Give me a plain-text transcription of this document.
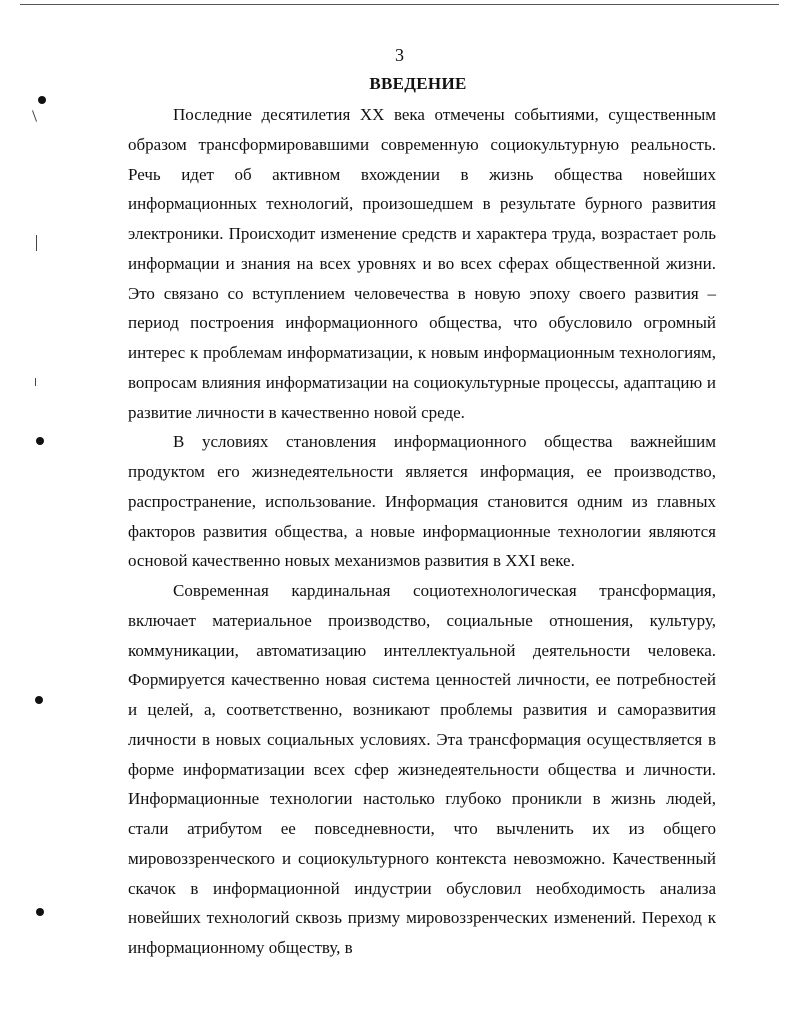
3
ВВЕДЕНИЕ

Последние десятилетия XX века отмечены событиями, существенным образом трансформировавшими современную социокультурную реальность. Речь идет об активном вхождении в жизнь общества новейших информационных технологий, произошедшем в результате бурного развития электроники. Происходит изменение средств и характера труда, возрастает роль информации и знания на всех уровнях и во всех сферах общественной жизни. Это связано со вступлением человечества в новую эпоху своего развития – период построения информационного общества, что обусловило огромный интерес к проблемам информатизации, к новым информационным технологиям, вопросам влияния информатизации на социокультурные процессы, адаптацию и развитие личности в качественно новой среде.

В условиях становления информационного общества важнейшим продуктом его жизнедеятельности является информация, ее производство, распространение, использование. Информация становится одним из главных факторов развития общества, а новые информационные технологии являются основой качественно новых механизмов развития в XXI веке.

Современная кардинальная социотехнологическая трансформация, включает материальное производство, социальные отношения, культуру, коммуникации, автоматизацию интеллектуальной деятельности человека. Формируется качественно новая система ценностей личности, ее потребностей и целей, а, соответственно, возникают проблемы развития и саморазвития личности в новых социальных условиях. Эта трансформация осуществляется в форме информатизации всех сфер жизнедеятельности общества и личности. Информационные технологии настолько глубоко проникли в жизнь людей, стали атрибутом ее повседневности, что вычленить их из общего мировоззренческого и социокультурного контекста невозможно. Качественный скачок в информационной индустрии обусловил необходимость анализа новейших технологий сквозь призму мировоззренческих изменений. Переход к информационному обществу, в
